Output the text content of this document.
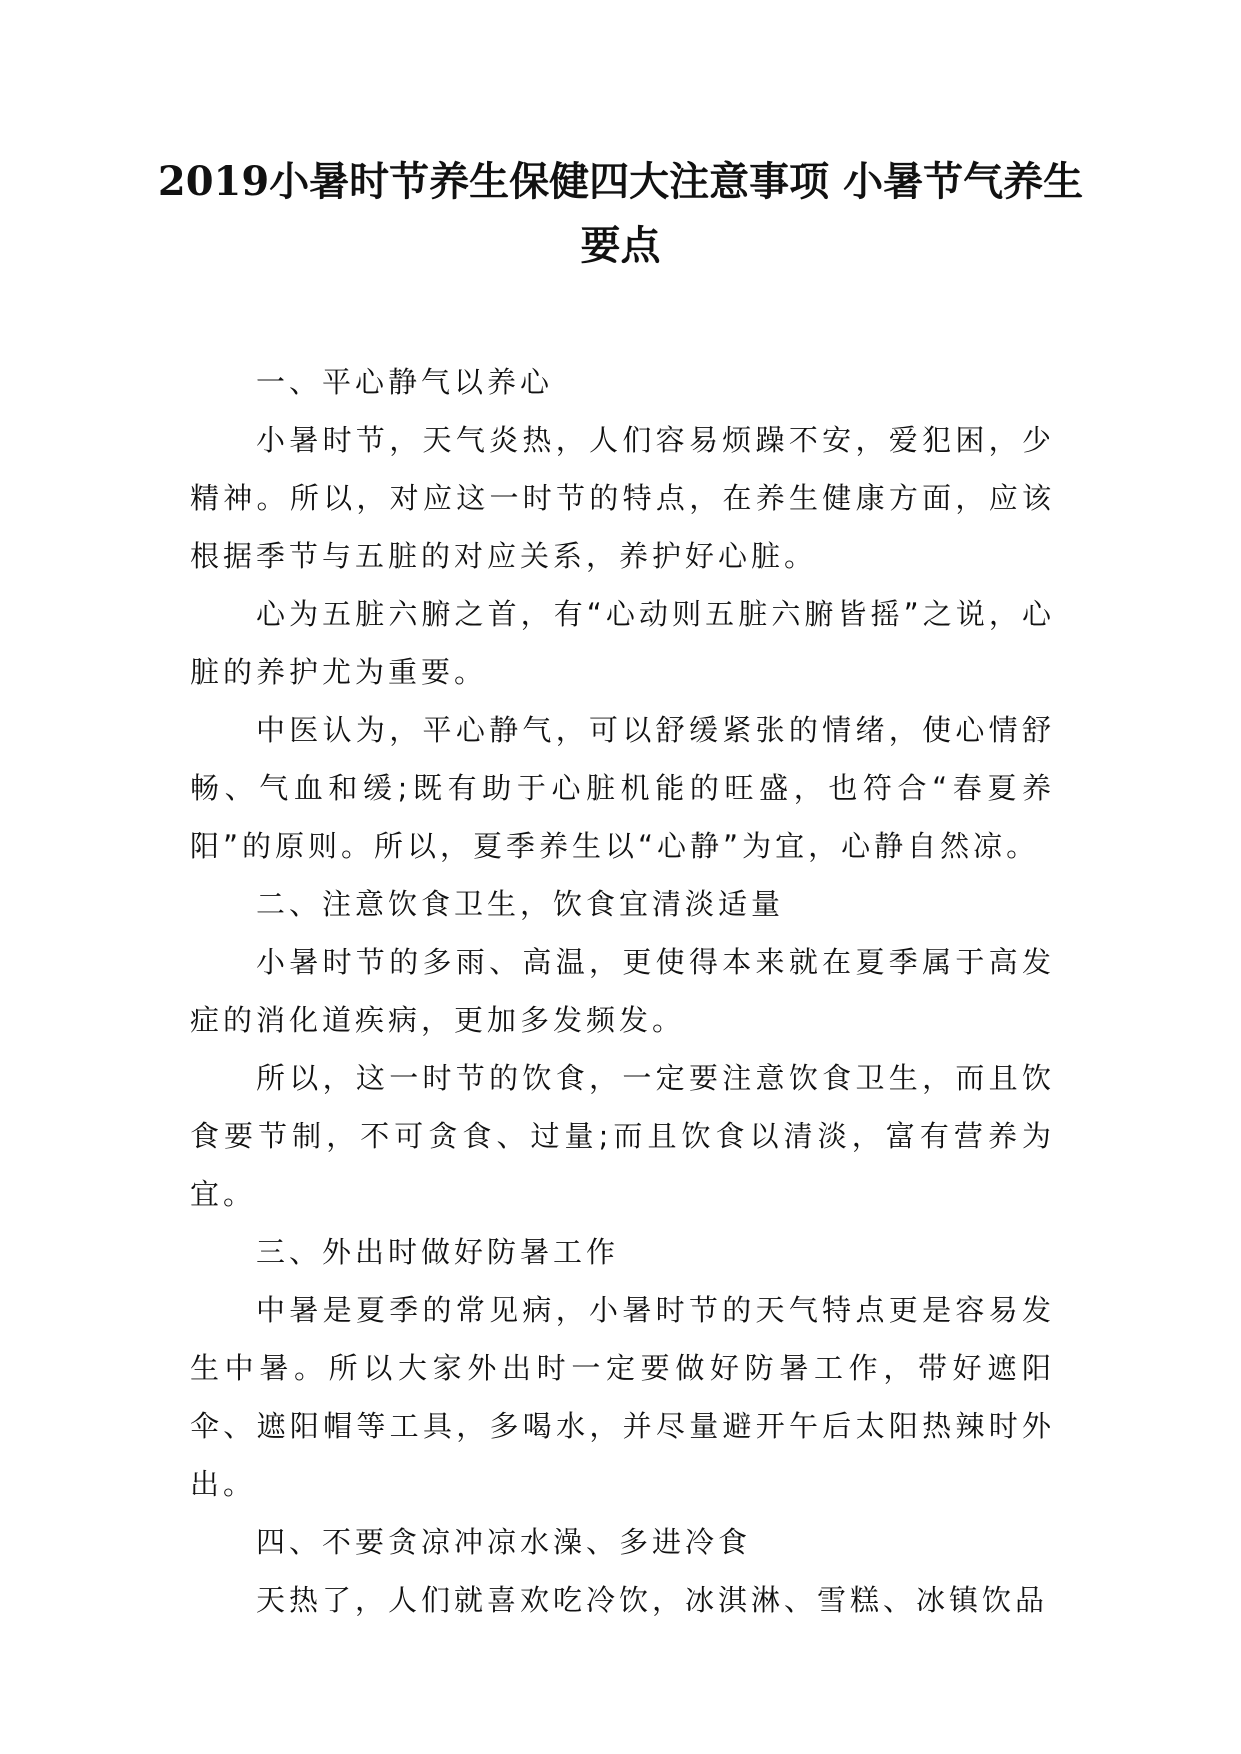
2019小暑时节养生保健四大注意事项 小暑节气养生要点

一、平心静气以养心

小暑时节，天气炎热，人们容易烦躁不安，爱犯困，少精神。所以，对应这一时节的特点，在养生健康方面，应该根据季节与五脏的对应关系，养护好心脏。

心为五脏六腑之首，有“心动则五脏六腑皆摇”之说，心脏的养护尤为重要。

中医认为，平心静气，可以舒缓紧张的情绪，使心情舒畅、气血和缓;既有助于心脏机能的旺盛，也符合“春夏养阳”的原则。所以，夏季养生以“心静”为宜，心静自然凉。

二、注意饮食卫生，饮食宜清淡适量

小暑时节的多雨、高温，更使得本来就在夏季属于高发症的消化道疾病，更加多发频发。

所以，这一时节的饮食，一定要注意饮食卫生，而且饮食要节制，不可贪食、过量;而且饮食以清淡，富有营养为宜。

三、外出时做好防暑工作

中暑是夏季的常见病，小暑时节的天气特点更是容易发生中暑。所以大家外出时一定要做好防暑工作，带好遮阳伞、遮阳帽等工具，多喝水，并尽量避开午后太阳热辣时外出。

四、不要贪凉冲凉水澡、多进冷食

天热了，人们就喜欢吃冷饮，冰淇淋、雪糕、冰镇饮品
